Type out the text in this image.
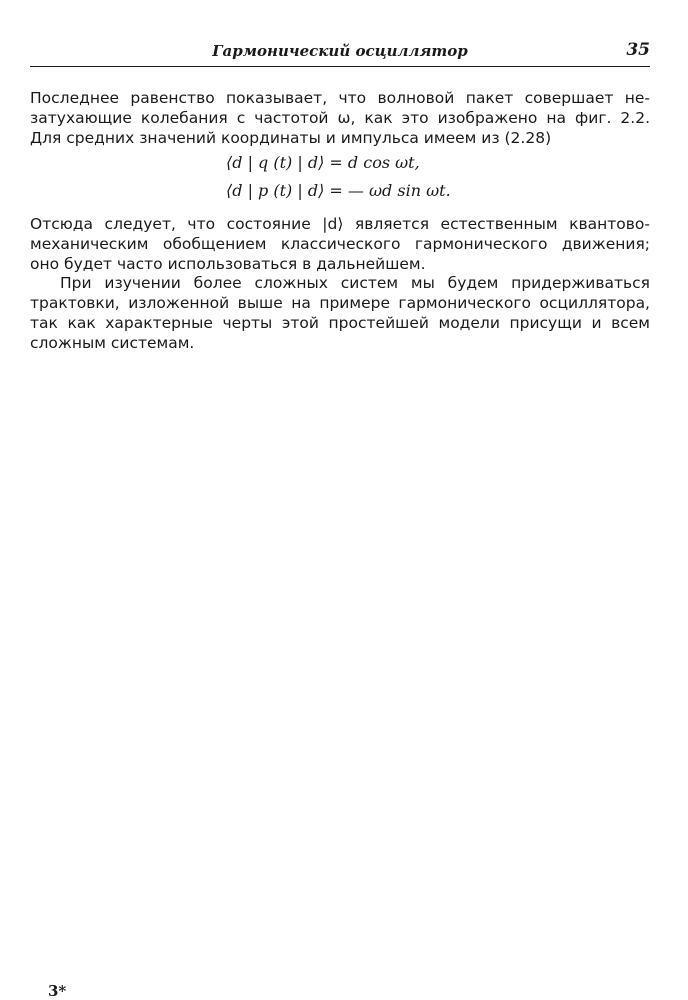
Гармонический осциллятор	35
Последнее равенство показывает, что волновой пакет совершает не-
затухающие колебания с частотой ω, как это изображено на фиг. 2.2.
Для средних значений координаты и импульса имеем из (2.28)
⟨d | q (t) | d⟩ = d cos ωt,
⟨d | p (t) | d⟩ = — ωd sin ωt.
Отсюда следует, что состояние |d⟩ является естественным квантово-
механическим обобщением классического гармонического движения;
оно будет часто использоваться в дальнейшем.
При изучении более сложных систем мы будем придерживаться
трактовки, изложенной выше на примере гармонического осциллятора,
так как характерные черты этой простейшей модели присущи и всем
сложным системам.
3*
